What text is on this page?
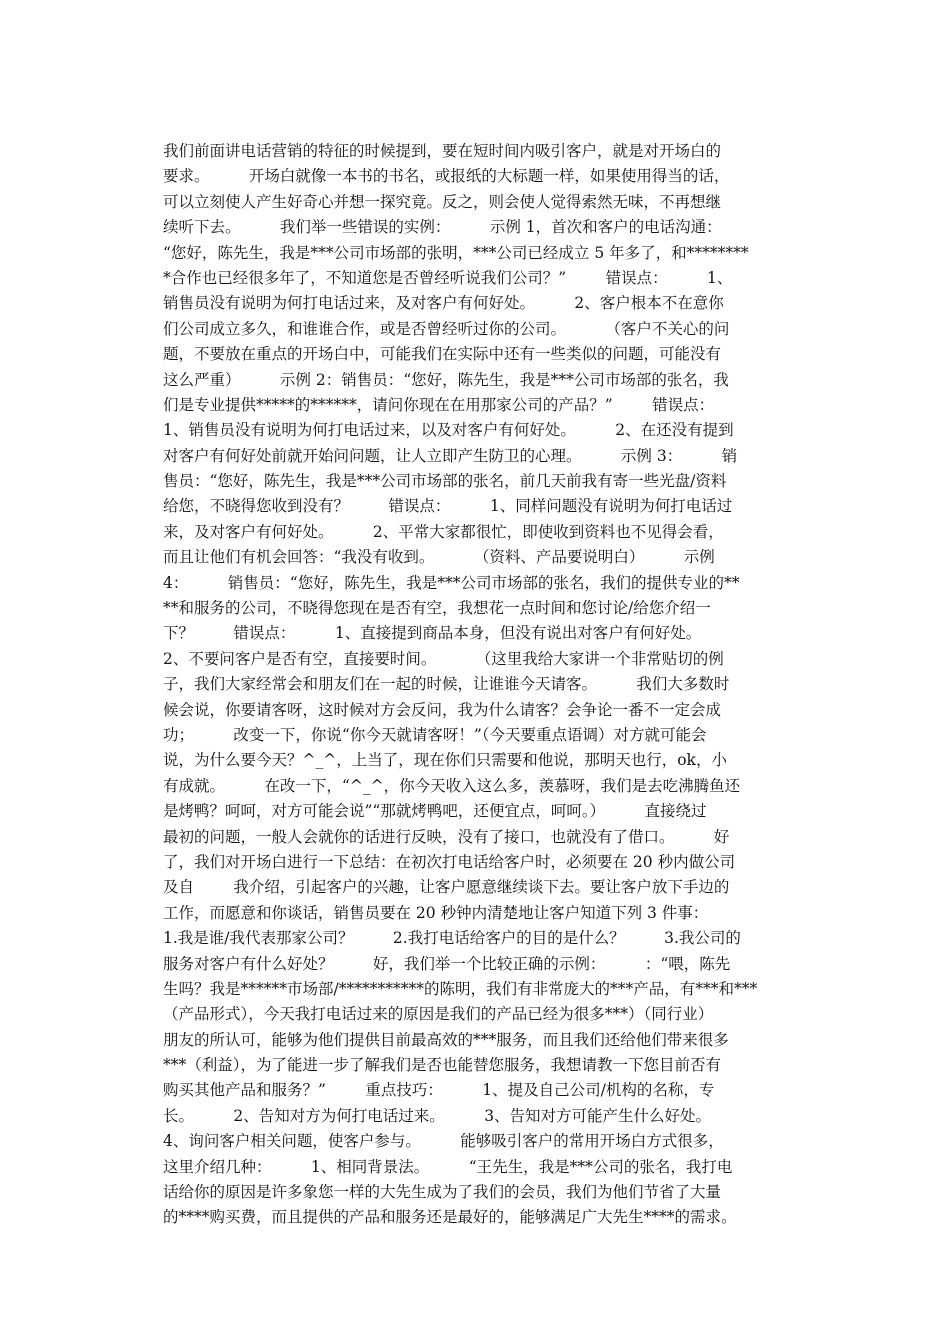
我们前面讲电话营销的特征的时候提到，要在短时间内吸引客户，就是对开场白的
要求。        开场白就像一本书的书名，或报纸的大标题一样，如果使用得当的话，
可以立刻使人产生好奇心并想一探究竟。反之，则会使人觉得索然无味，不再想继
续听下去。        我们举一些错误的实例：        示例 1，首次和客户的电话沟通：
“您好，陈先生，我是***公司市场部的张明，***公司已经成立 5 年多了，和********
*合作也已经很多年了，不知道您是否曾经听说我们公司？”        错误点：        1、
销售员没有说明为何打电话过来，及对客户有何好处。        2、客户根本不在意你
们公司成立多久，和谁谁合作，或是否曾经听过你的公司。        （客户不关心的问
题，不要放在重点的开场白中，可能我们在实际中还有一些类似的问题，可能没有
这么严重）        示例 2：销售员：“您好，陈先生，我是***公司市场部的张名，我
们是专业提供*****的******，请问你现在在用那家公司的产品？”        错误点：
1、销售员没有说明为何打电话过来，以及对客户有何好处。        2、在还没有提到
对客户有何好处前就开始问问题，让人立即产生防卫的心理。        示例 3：        销
售员：“您好，陈先生，我是***公司市场部的张名，前几天前我有寄一些光盘/资料
给您，不晓得您收到没有？        错误点：        1、同样问题没有说明为何打电话过
来，及对客户有何好处。        2、平常大家都很忙，即使收到资料也不见得会看，
而且让他们有机会回答：“我没有收到。        （资料、产品要说明白）        示例
4：        销售员：“您好，陈先生，我是***公司市场部的张名，我们的提供专业的**
**和服务的公司，不晓得您现在是否有空，我想花一点时间和您讨论/给您介绍一
下？        错误点：        1、直接提到商品本身，但没有说出对客户有何好处。
2、不要问客户是否有空，直接要时间。        （这里我给大家讲一个非常贴切的例
子，我们大家经常会和朋友们在一起的时候，让谁谁今天请客。        我们大多数时
候会说，你要请客呀，这时候对方会反问，我为什么请客？会争论一番不一定会成
功；        改变一下，你说“你今天就请客呀！”（今天要重点语调）对方就可能会
说，为什么要今天？^_^，上当了，现在你们只需要和他说，那明天也行，ok，小
有成就。        在改一下，“^_^，你今天收入这么多，羡慕呀，我们是去吃沸腾鱼还
是烤鸭？呵呵，对方可能会说”“那就烤鸭吧，还便宜点，呵呵。）        直接绕过
最初的问题，一般人会就你的话进行反映，没有了接口，也就没有了借口。        好
了，我们对开场白进行一下总结：在初次打电话给客户时，必须要在 20 秒内做公司
及自        我介绍，引起客户的兴趣，让客户愿意继续谈下去。要让客户放下手边的
工作，而愿意和你谈话，销售员要在 20 秒钟内清楚地让客户知道下列 3 件事：
1.我是谁/我代表那家公司？        2.我打电话给客户的目的是什么？        3.我公司的
服务对客户有什么好处？        好，我们举一个比较正确的示例：        ：“喂，陈先
生吗？我是******市场部/***********的陈明，我们有非常庞大的***产品，有***和***
（产品形式），今天我打电话过来的原因是我们的产品已经为很多***）（同行业）
朋友的所认可，能够为他们提供目前最高效的***服务，而且我们还给他们带来很多
***（利益），为了能进一步了解我们是否也能替您服务，我想请教一下您目前否有
购买其他产品和服务？”        重点技巧：        1、提及自己公司/机构的名称，专
长。        2、告知对方为何打电话过来。        3、告知对方可能产生什么好处。
4、询问客户相关问题，使客户参与。        能够吸引客户的常用开场白方式很多，
这里介绍几种：        1、相同背景法。        “王先生，我是***公司的张名，我打电
话给你的原因是许多象您一样的大先生成为了我们的会员，我们为他们节省了大量
的****购买费，而且提供的产品和服务还是最好的，能够满足广大先生****的需求。
